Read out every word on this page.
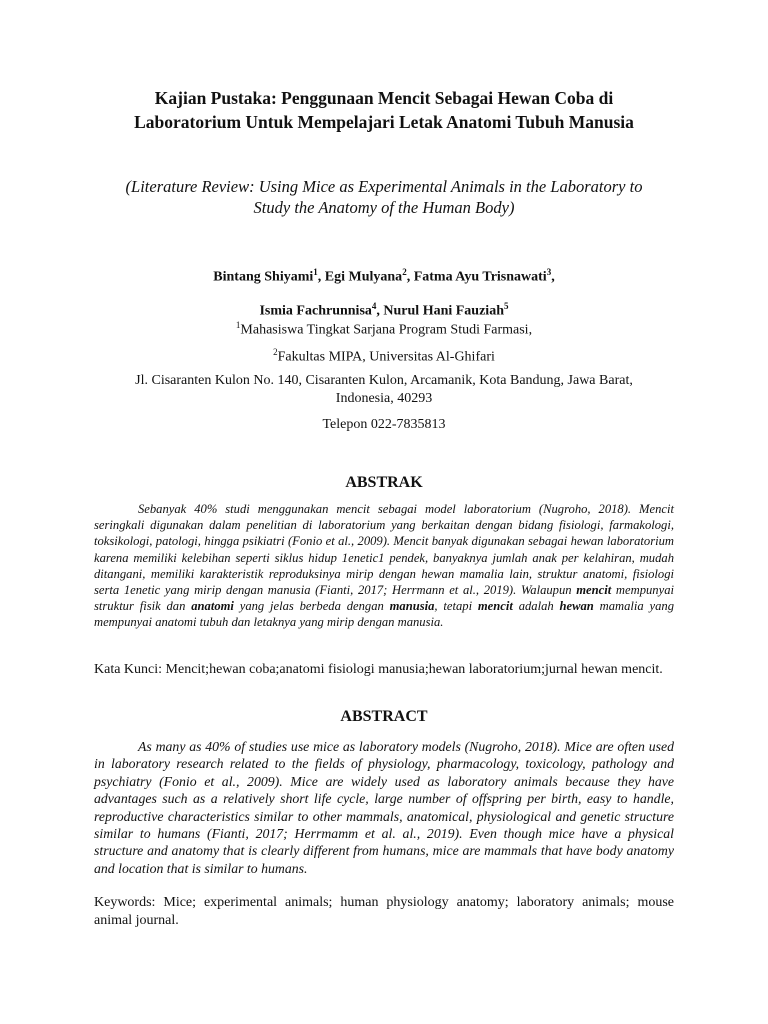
Kajian Pustaka: Penggunaan Mencit Sebagai Hewan Coba di
Laboratorium Untuk Mempelajari Letak Anatomi Tubuh Manusia
(Literature Review: Using Mice as Experimental Animals in the Laboratory to
Study the Anatomy of the Human Body)
Bintang Shiyami$^1$, Egi Mulyana$^2$, Fatma Ayu Trisnawati$^3$,
Ismia Fachrunnisa$^4$, Nurul Hani Fauziah$^5$
$^1$Mahasiswa Tingkat Sarjana Program Studi Farmasi,
$^2$Fakultas MIPA, Universitas Al-Ghifari
Jl. Cisaranten Kulon No. 140, Cisaranten Kulon, Arcamanik, Kota Bandung, Jawa Barat,
Indonesia, 40293
Telepon 022-7835813
ABSTRAK
Sebanyak 40% studi menggunakan mencit sebagai model laboratorium (Nugroho, 2018). Mencit seringkali digunakan dalam penelitian di laboratorium yang berkaitan dengan bidang fisiologi, farmakologi, toksikologi, patologi, hingga psikiatri (Fonio et al., 2009). Mencit banyak digunakan sebagai hewan laboratorium karena memiliki kelebihan seperti siklus hidup 1enetic1 pendek, banyaknya jumlah anak per kelahiran, mudah ditangani, memiliki karakteristik reproduksinya mirip dengan hewan mamalia lain, struktur anatomi, fisiologi serta 1enetic yang mirip dengan manusia (Fianti, 2017; Herrmann et al., 2019). Walaupun mencit mempunyai struktur fisik dan anatomi yang jelas berbeda dengan manusia, tetapi mencit adalah hewan mamalia yang mempunyai anatomi tubuh dan letaknya yang mirip dengan manusia.
Kata Kunci: Mencit;hewan coba;anatomi fisiologi manusia;hewan laboratorium;jurnal hewan mencit.
ABSTRACT
As many as 40% of studies use mice as laboratory models (Nugroho, 2018). Mice are often used in laboratory research related to the fields of physiology, pharmacology, toxicology, pathology and psychiatry (Fonio et al., 2009). Mice are widely used as laboratory animals because they have advantages such as a relatively short life cycle, large number of offspring per birth, easy to handle, reproductive characteristics similar to other mammals, anatomical, physiological and genetic structure similar to humans (Fianti, 2017; Herrmamm et al. al., 2019). Even though mice have a physical structure and anatomy that is clearly different from humans, mice are mammals that have body anatomy and location that is similar to humans.
Keywords: Mice; experimental animals; human physiology anatomy; laboratory animals; mouse animal journal.
